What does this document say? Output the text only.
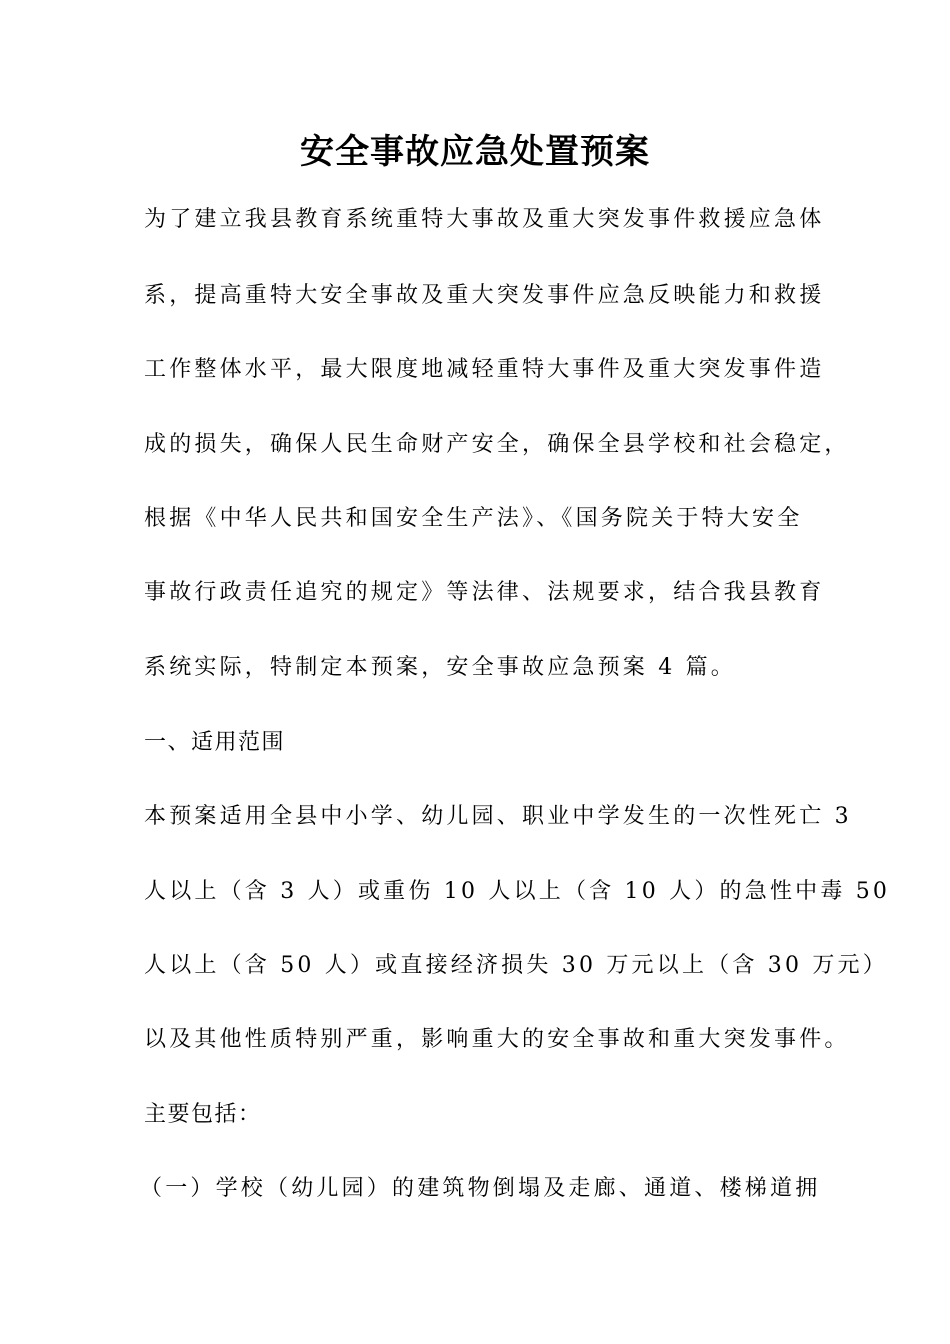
安全事故应急处置预案

为了建立我县教育系统重特大事故及重大突发事件救援应急体

系，提高重特大安全事故及重大突发事件应急反映能力和救援

工作整体水平，最大限度地减轻重特大事件及重大突发事件造

成的损失，确保人民生命财产安全，确保全县学校和社会稳定，

根据《中华人民共和国安全生产法》、《国务院关于特大安全

事故行政责任追究的规定》等法律、法规要求，结合我县教育

系统实际，特制定本预案，安全事故应急预案 4 篇。

一、适用范围

本预案适用全县中小学、幼儿园、职业中学发生的一次性死亡 3

人以上（含 3 人）或重伤 10 人以上（含 10 人）的急性中毒 50

人以上（含 50 人）或直接经济损失 30 万元以上（含 30 万元）

以及其他性质特别严重，影响重大的安全事故和重大突发事件。

主要包括：

（一）学校（幼儿园）的建筑物倒塌及走廊、通道、楼梯道拥
